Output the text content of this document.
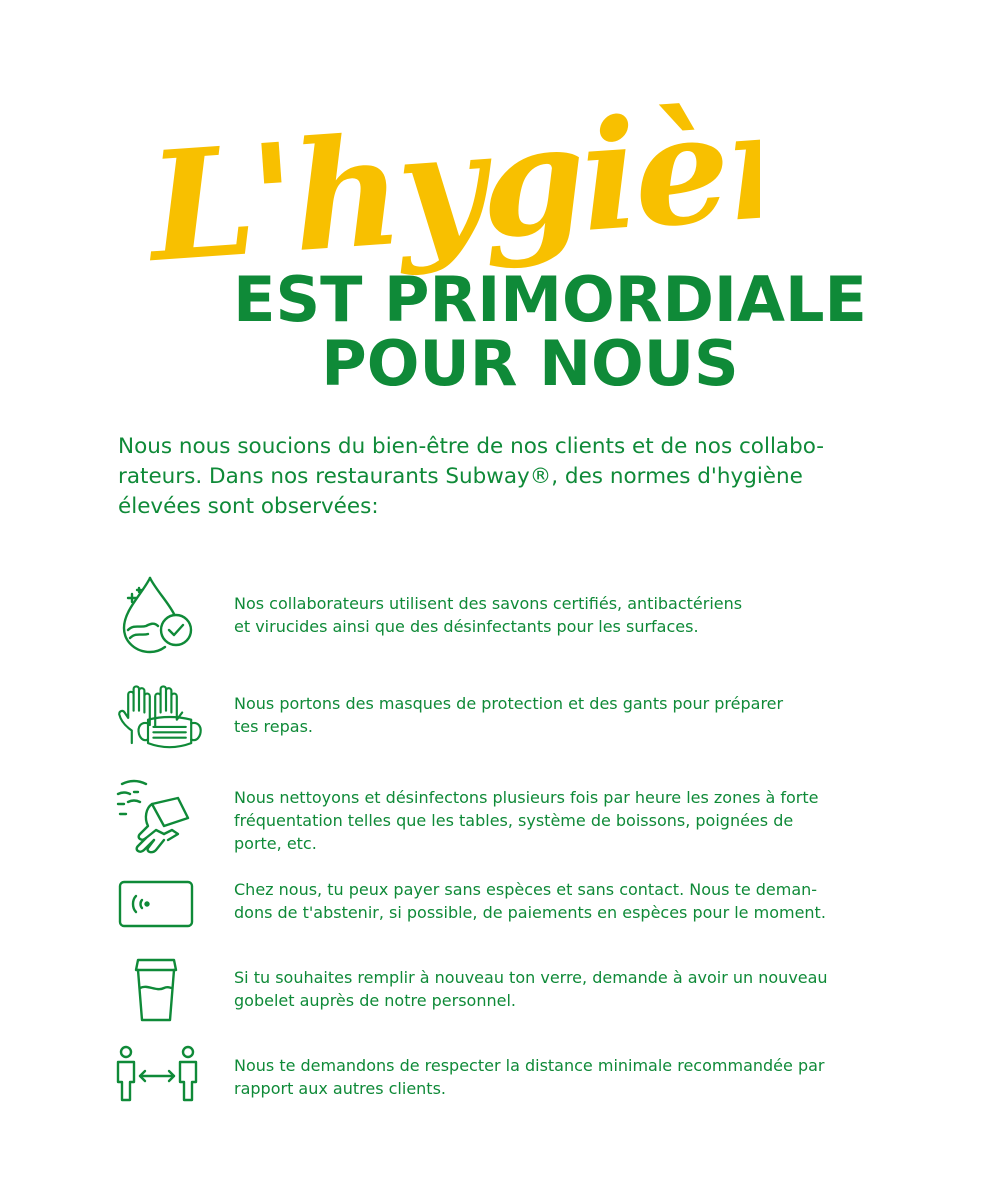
L'hygiène
EST PRIMORDIALE
POUR NOUS
Nous nous soucions du bien-être de nos clients et de nos collabo-
rateurs. Dans nos restaurants Subway®, des normes d'hygiène
élevées sont observées:
Nos collaborateurs utilisent des savons certifiés, antibactériens
et virucides ainsi que des désinfectants pour les surfaces.
Nous portons des masques de protection et des gants pour préparer
tes repas.
Nous nettoyons et désinfectons plusieurs fois par heure les zones à forte
fréquentation telles que les tables, système de boissons, poignées de
porte, etc.
Chez nous, tu peux payer sans espèces et sans contact. Nous te deman-
dons de t'abstenir, si possible, de paiements en espèces pour le moment.
Si tu souhaites remplir à nouveau ton verre, demande à avoir un nouveau
gobelet auprès de notre personnel.
Nous te demandons de respecter la distance minimale recommandée par
rapport aux autres clients.
